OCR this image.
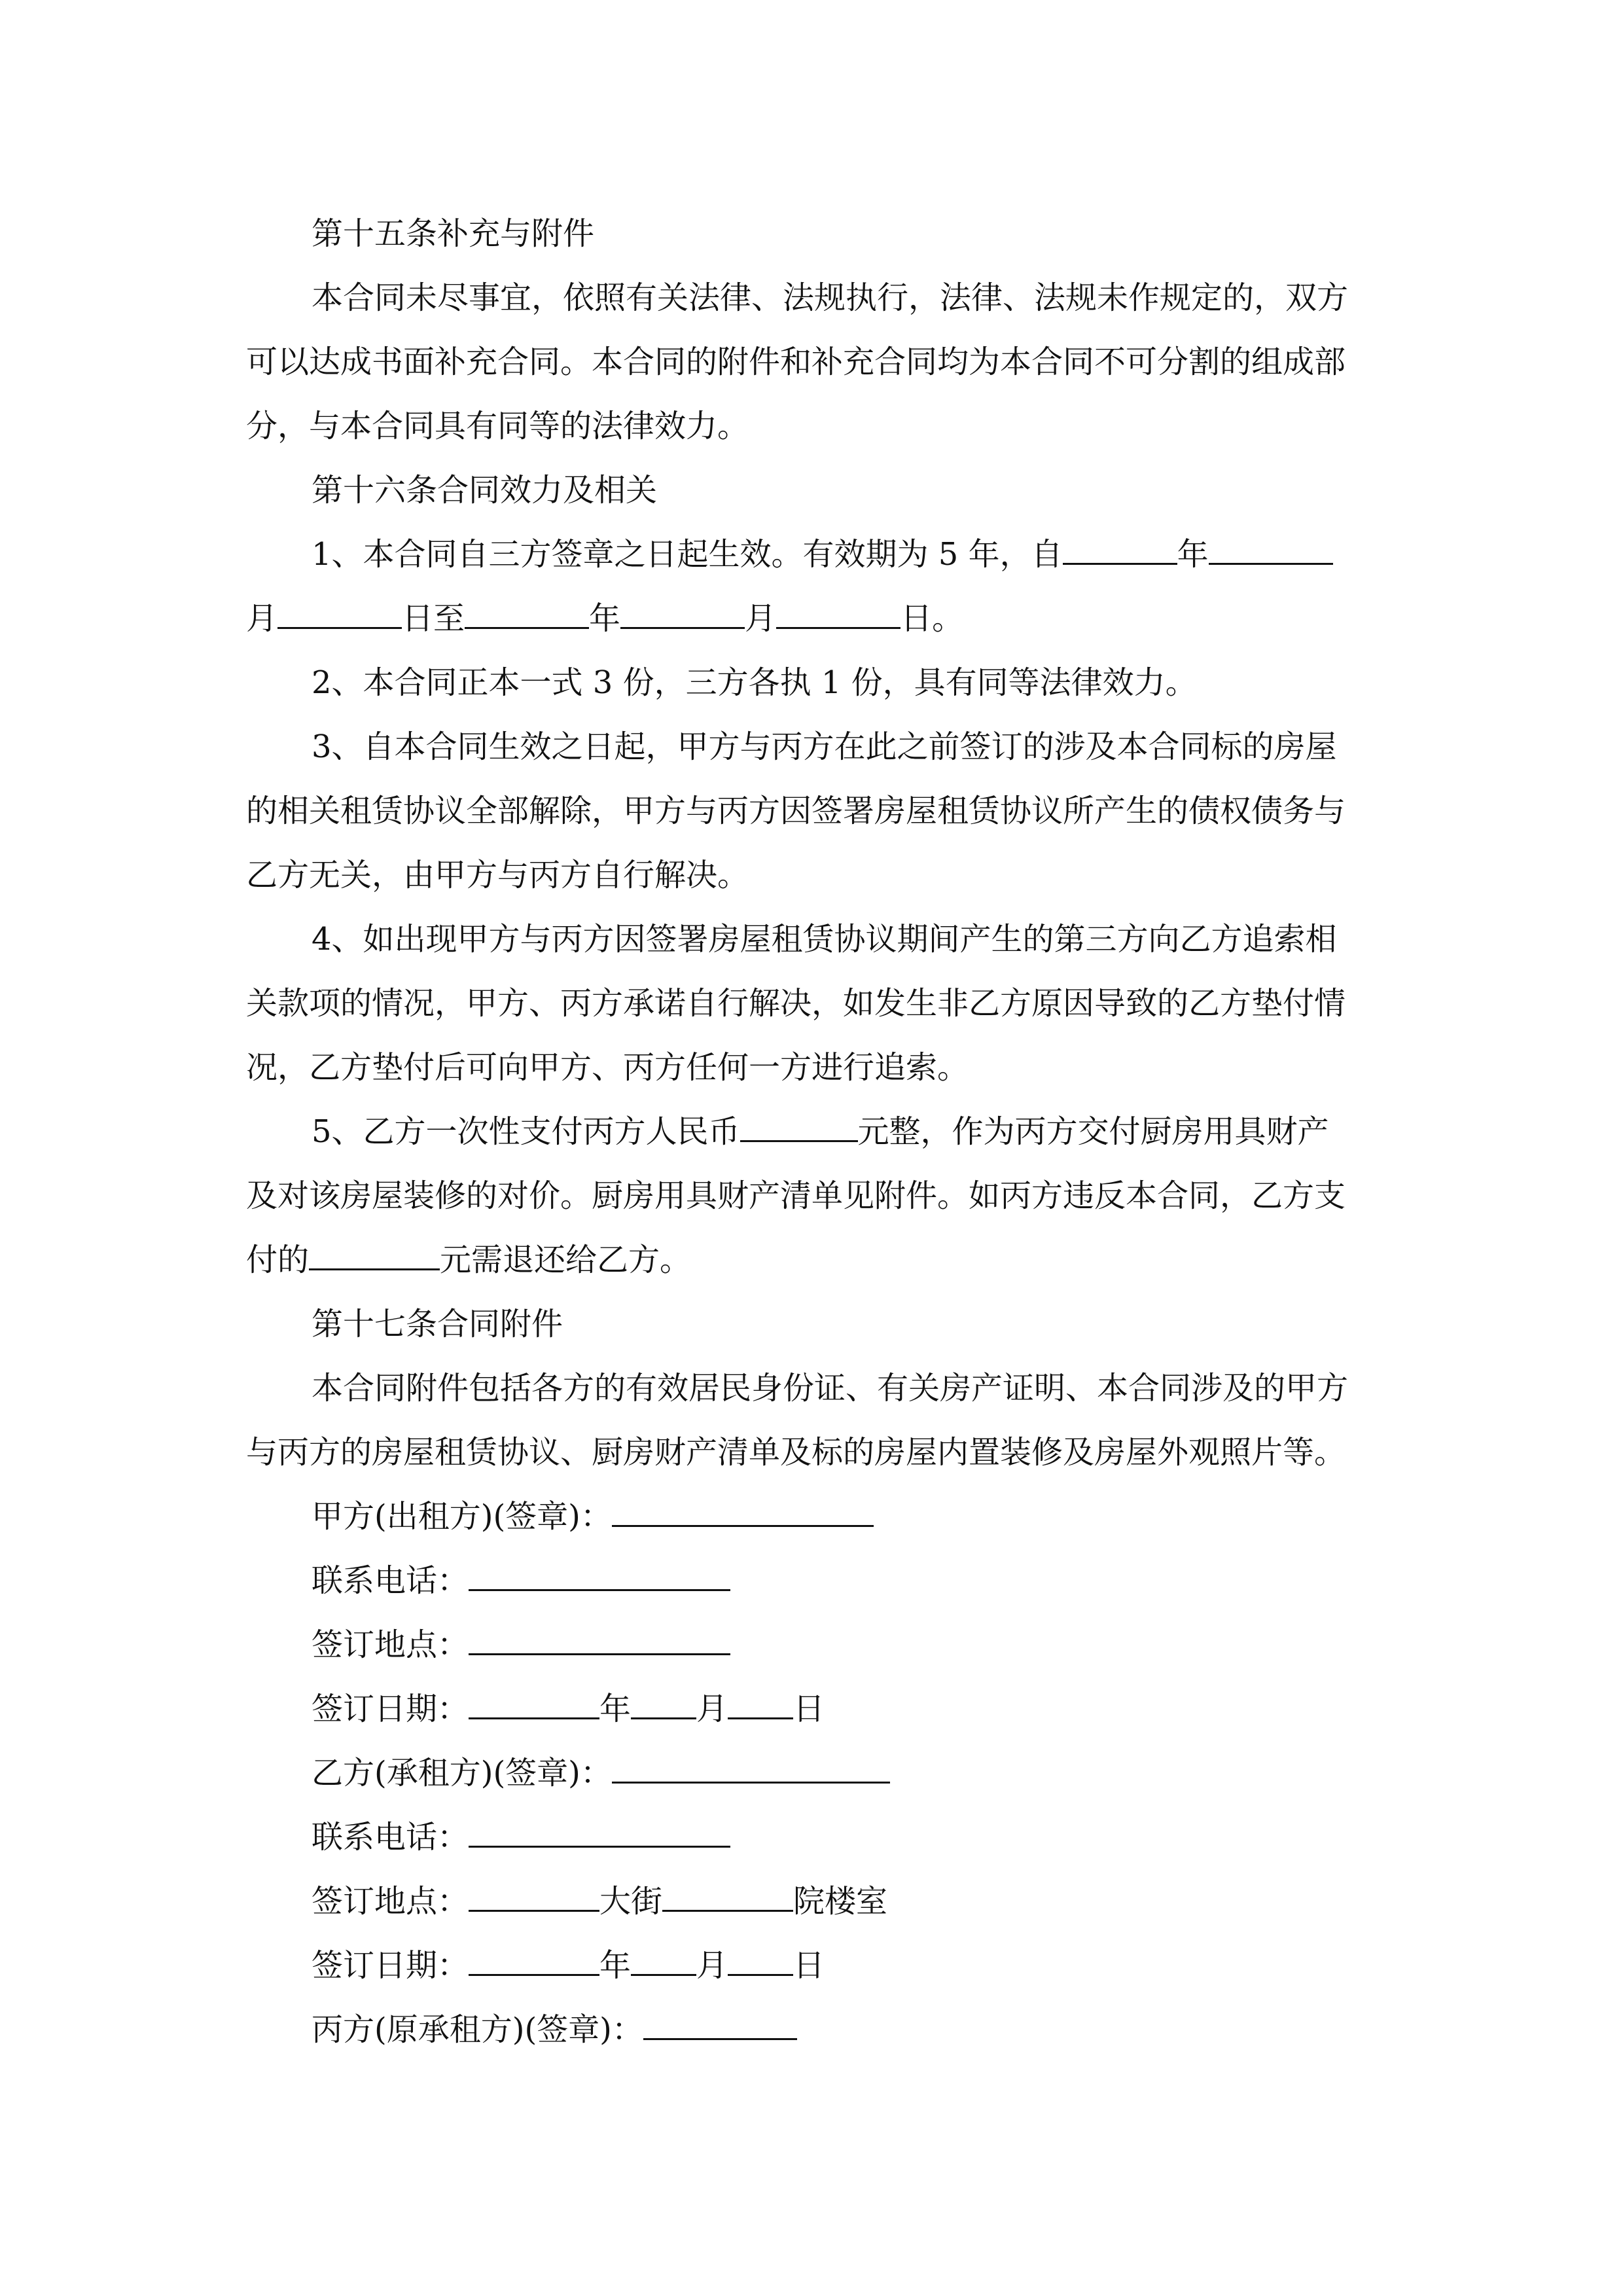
第十五条补充与附件
本合同未尽事宜，依照有关法律、法规执行，法律、法规未作规定的，双方
可以达成书面补充合同。本合同的附件和补充合同均为本合同不可分割的组成部
分，与本合同具有同等的法律效力。
第十六条合同效力及相关
1、本合同自三方签章之日起生效。有效期为 5 年，自	年
月	日至	年	月	日。
2、本合同正本一式 3 份，三方各执 1 份，具有同等法律效力。
3、自本合同生效之日起，甲方与丙方在此之前签订的涉及本合同标的房屋
的相关租赁协议全部解除，甲方与丙方因签署房屋租赁协议所产生的债权债务与
乙方无关，由甲方与丙方自行解决。
4、如出现甲方与丙方因签署房屋租赁协议期间产生的第三方向乙方追索相
关款项的情况，甲方、丙方承诺自行解决，如发生非乙方原因导致的乙方垫付情
况，乙方垫付后可向甲方、丙方任何一方进行追索。
5、乙方一次性支付丙方人民币	元整，作为丙方交付厨房用具财产
及对该房屋装修的对价。厨房用具财产清单见附件。如丙方违反本合同，乙方支
付的	元需退还给乙方。
第十七条合同附件
本合同附件包括各方的有效居民身份证、有关房产证明、本合同涉及的甲方
与丙方的房屋租赁协议、厨房财产清单及标的房屋内置装修及房屋外观照片等。
甲方(出租方)(签章)：
联系电话：
签订地点：
签订日期：	年 月 日
乙方(承租方)(签章)：
联系电话：
签订地点：	大街	院楼室
签订日期：	年 月 日
丙方(原承租方)(签章)：
